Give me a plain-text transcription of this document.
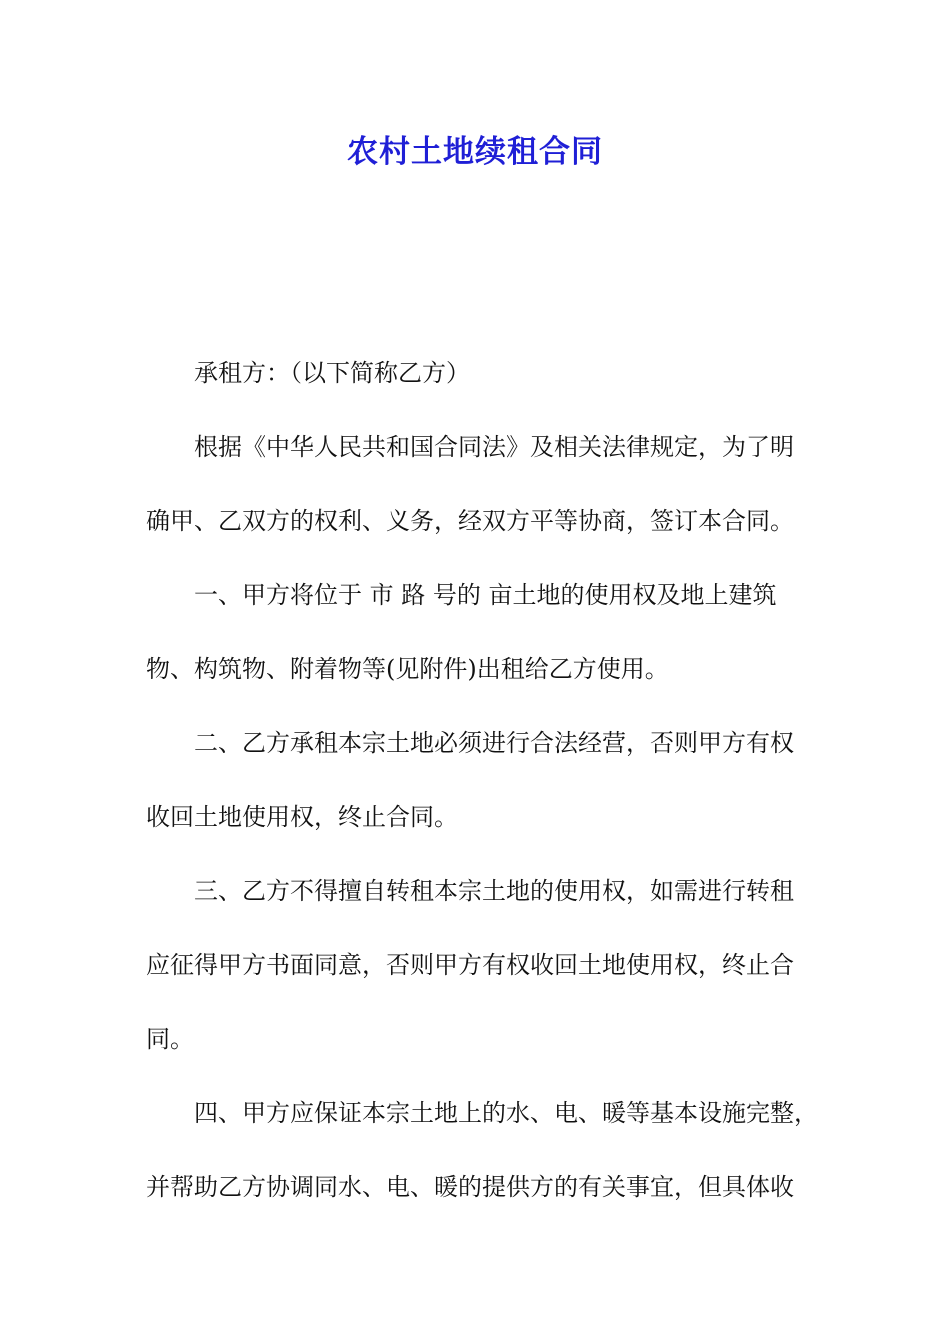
农村土地续租合同

承租方：（以下简称乙方）

根据《中华人民共和国合同法》及相关法律规定，为了明
确甲、乙双方的权利、义务，经双方平等协商，签订本合同。

一、甲方将位于 市 路 号的 亩土地的使用权及地上建筑
物、构筑物、附着物等(见附件)出租给乙方使用。

二、乙方承租本宗土地必须进行合法经营，否则甲方有权
收回土地使用权，终止合同。

三、乙方不得擅自转租本宗土地的使用权，如需进行转租
应征得甲方书面同意，否则甲方有权收回土地使用权，终止合
同。

四、甲方应保证本宗土地上的水、电、暖等基本设施完整，
并帮助乙方协调同水、电、暖的提供方的有关事宜，但具体收
